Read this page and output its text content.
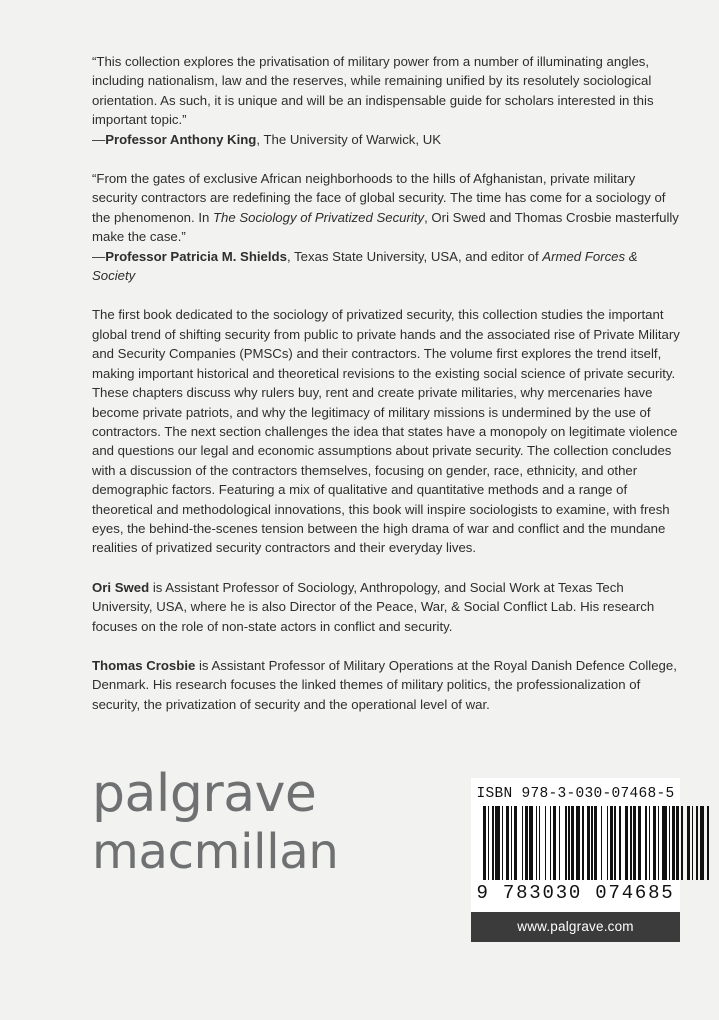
“This collection explores the privatisation of military power from a number of illuminating angles, including nationalism, law and the reserves, while remaining unified by its resolutely sociological orientation. As such, it is unique and will be an indispensable guide for scholars interested in this important topic.”

—Professor Anthony King, The University of Warwick, UK

“From the gates of exclusive African neighborhoods to the hills of Afghanistan, private military security contractors are redefining the face of global security. The time has come for a sociology of the phenomenon. In The Sociology of Privatized Security, Ori Swed and Thomas Crosbie masterfully make the case.”

—Professor Patricia M. Shields, Texas State University, USA, and editor of Armed Forces & Society

The first book dedicated to the sociology of privatized security, this collection studies the important global trend of shifting security from public to private hands and the associated rise of Private Military and Security Companies (PMSCs) and their contractors. The volume first explores the trend itself, making important historical and theoretical revisions to the existing social science of private security. These chapters discuss why rulers buy, rent and create private militaries, why mercenaries have become private patriots, and why the legitimacy of military missions is undermined by the use of contractors. The next section challenges the idea that states have a monopoly on legitimate violence and questions our legal and economic assumptions about private security. The collection concludes with a discussion of the contractors themselves, focusing on gender, race, ethnicity, and other demographic factors. Featuring a mix of qualitative and quantitative methods and a range of theoretical and methodological innovations, this book will inspire sociologists to examine, with fresh eyes, the behind-the-scenes tension between the high drama of war and conflict and the mundane realities of privatized security contractors and their everyday lives.

Ori Swed is Assistant Professor of Sociology, Anthropology, and Social Work at Texas Tech University, USA, where he is also Director of the Peace, War, & Social Conflict Lab. His research focuses on the role of non-state actors in conflict and security.

Thomas Crosbie is Assistant Professor of Military Operations at the Royal Danish Defence College, Denmark. His research focuses the linked themes of military politics, the professionalization of security, the privatization of security and the operational level of war.

palgrave
macmillan
ISBN 978-3-030-07468-5
9 783030 074685
www.palgrave.com
